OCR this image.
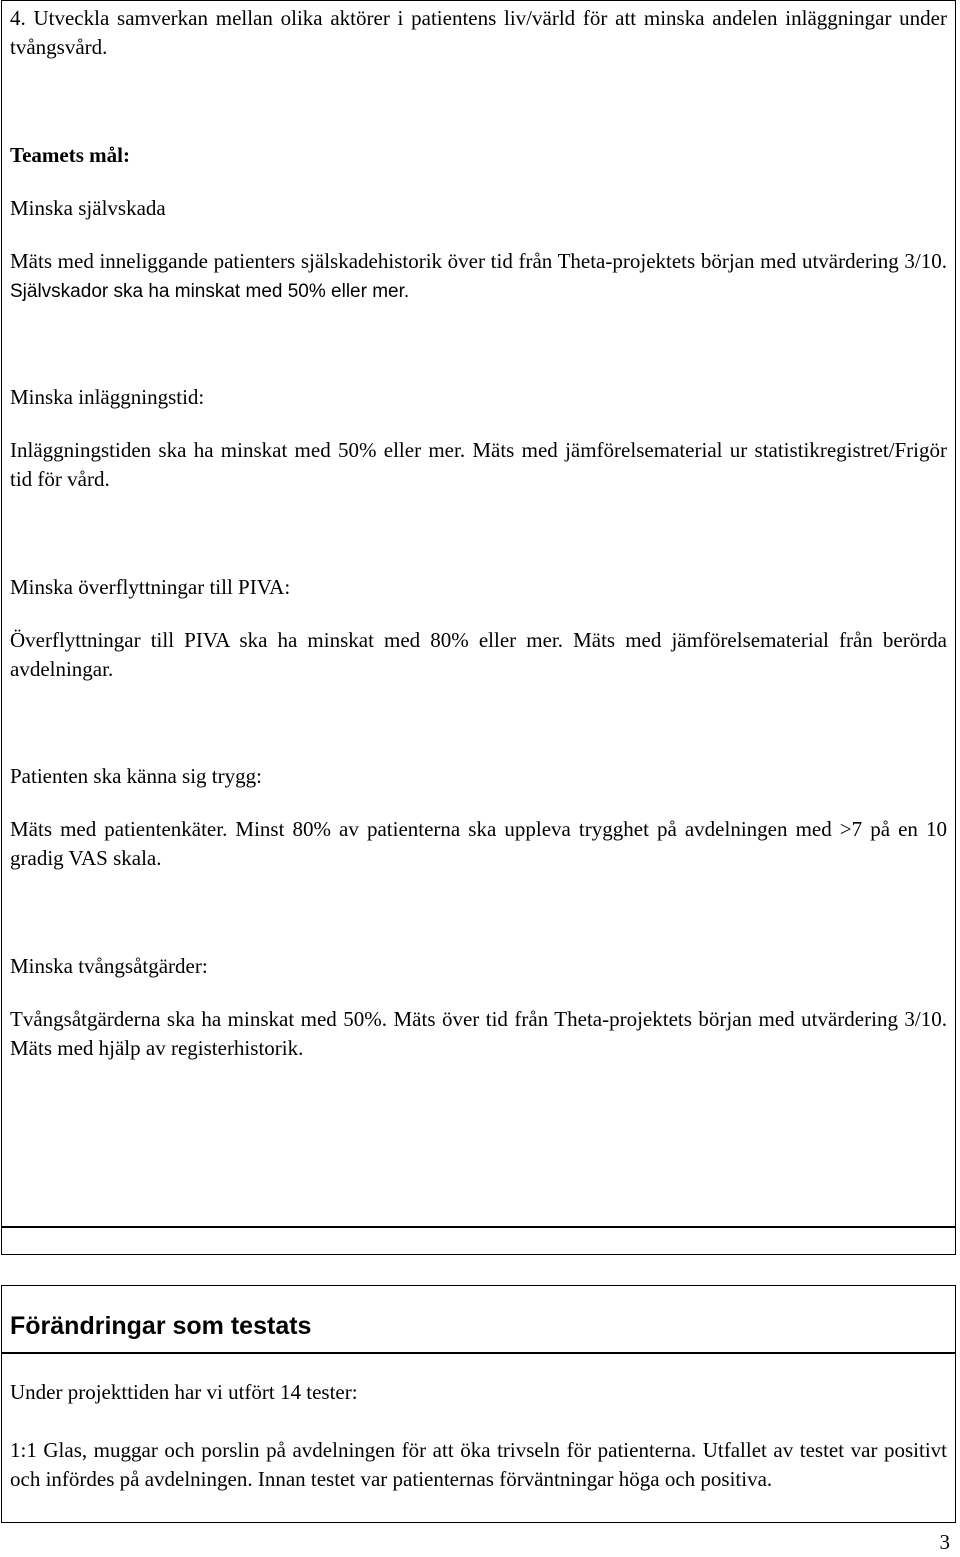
4. Utveckla samverkan mellan olika aktörer i patientens liv/värld för att minska andelen inläggningar under tvångsvård.

Teamets mål:

Minska självskada

Mäts med inneliggande patienters själskadehistorik över tid från Theta-projektets början med utvärdering 3/10. Självskador ska ha minskat med 50% eller mer.

Minska inläggningstid:

Inläggningstiden ska ha minskat med 50% eller mer. Mäts med jämförelsematerial ur statistikregistret/Frigör tid för vård.

Minska överflyttningar till PIVA:

Överflyttningar till PIVA ska ha minskat med 80% eller mer. Mäts med jämförelsematerial från berörda avdelningar.

Patienten ska känna sig trygg:

Mäts med patientenkäter. Minst 80% av patienterna ska uppleva trygghet på avdelningen med >7 på en 10 gradig VAS skala.

Minska tvångsåtgärder:

Tvångsåtgärderna ska ha minskat med 50%. Mäts över tid från Theta-projektets början med utvärdering 3/10. Mäts med hjälp av registerhistorik.

Förändringar som testats

Under projekttiden har vi utfört 14 tester:

1:1 Glas, muggar och porslin på avdelningen för att öka trivseln för patienterna. Utfallet av testet var positivt och infördes på avdelningen. Innan testet var patienternas förväntningar höga och positiva.

3
